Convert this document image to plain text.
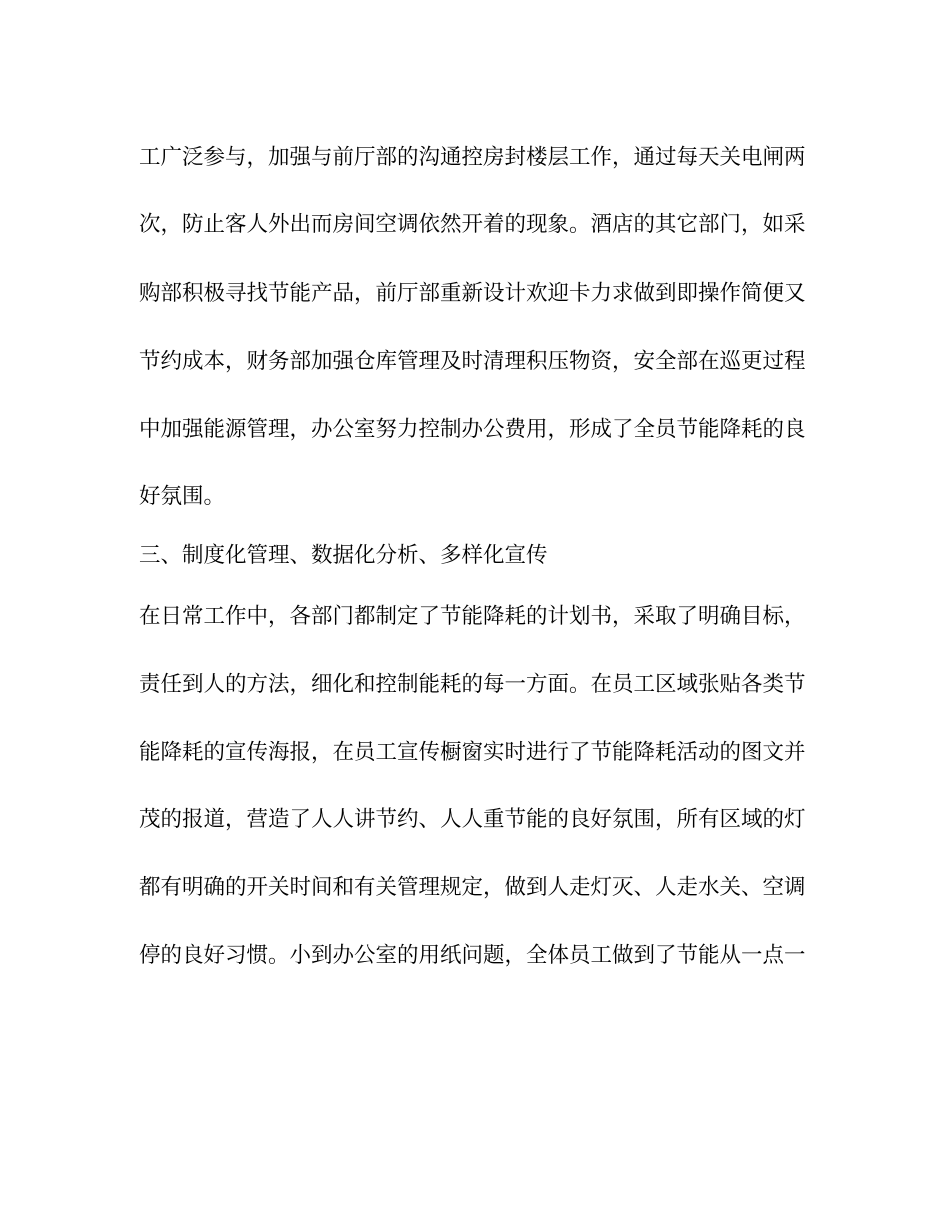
工广泛参与，加强与前厅部的沟通控房封楼层工作，通过每天关电闸两
次，防止客人外出而房间空调依然开着的现象。酒店的其它部门，如采
购部积极寻找节能产品，前厅部重新设计欢迎卡力求做到即操作简便又
节约成本，财务部加强仓库管理及时清理积压物资，安全部在巡更过程
中加强能源管理，办公室努力控制办公费用，形成了全员节能降耗的良
好氛围。
三、制度化管理、数据化分析、多样化宣传
在日常工作中，各部门都制定了节能降耗的计划书，采取了明确目标，
责任到人的方法，细化和控制能耗的每一方面。在员工区域张贴各类节
能降耗的宣传海报，在员工宣传橱窗实时进行了节能降耗活动的图文并
茂的报道，营造了人人讲节约、人人重节能的良好氛围，所有区域的灯
都有明确的开关时间和有关管理规定，做到人走灯灭、人走水关、空调
停的良好习惯。小到办公室的用纸问题，全体员工做到了节能从一点一
